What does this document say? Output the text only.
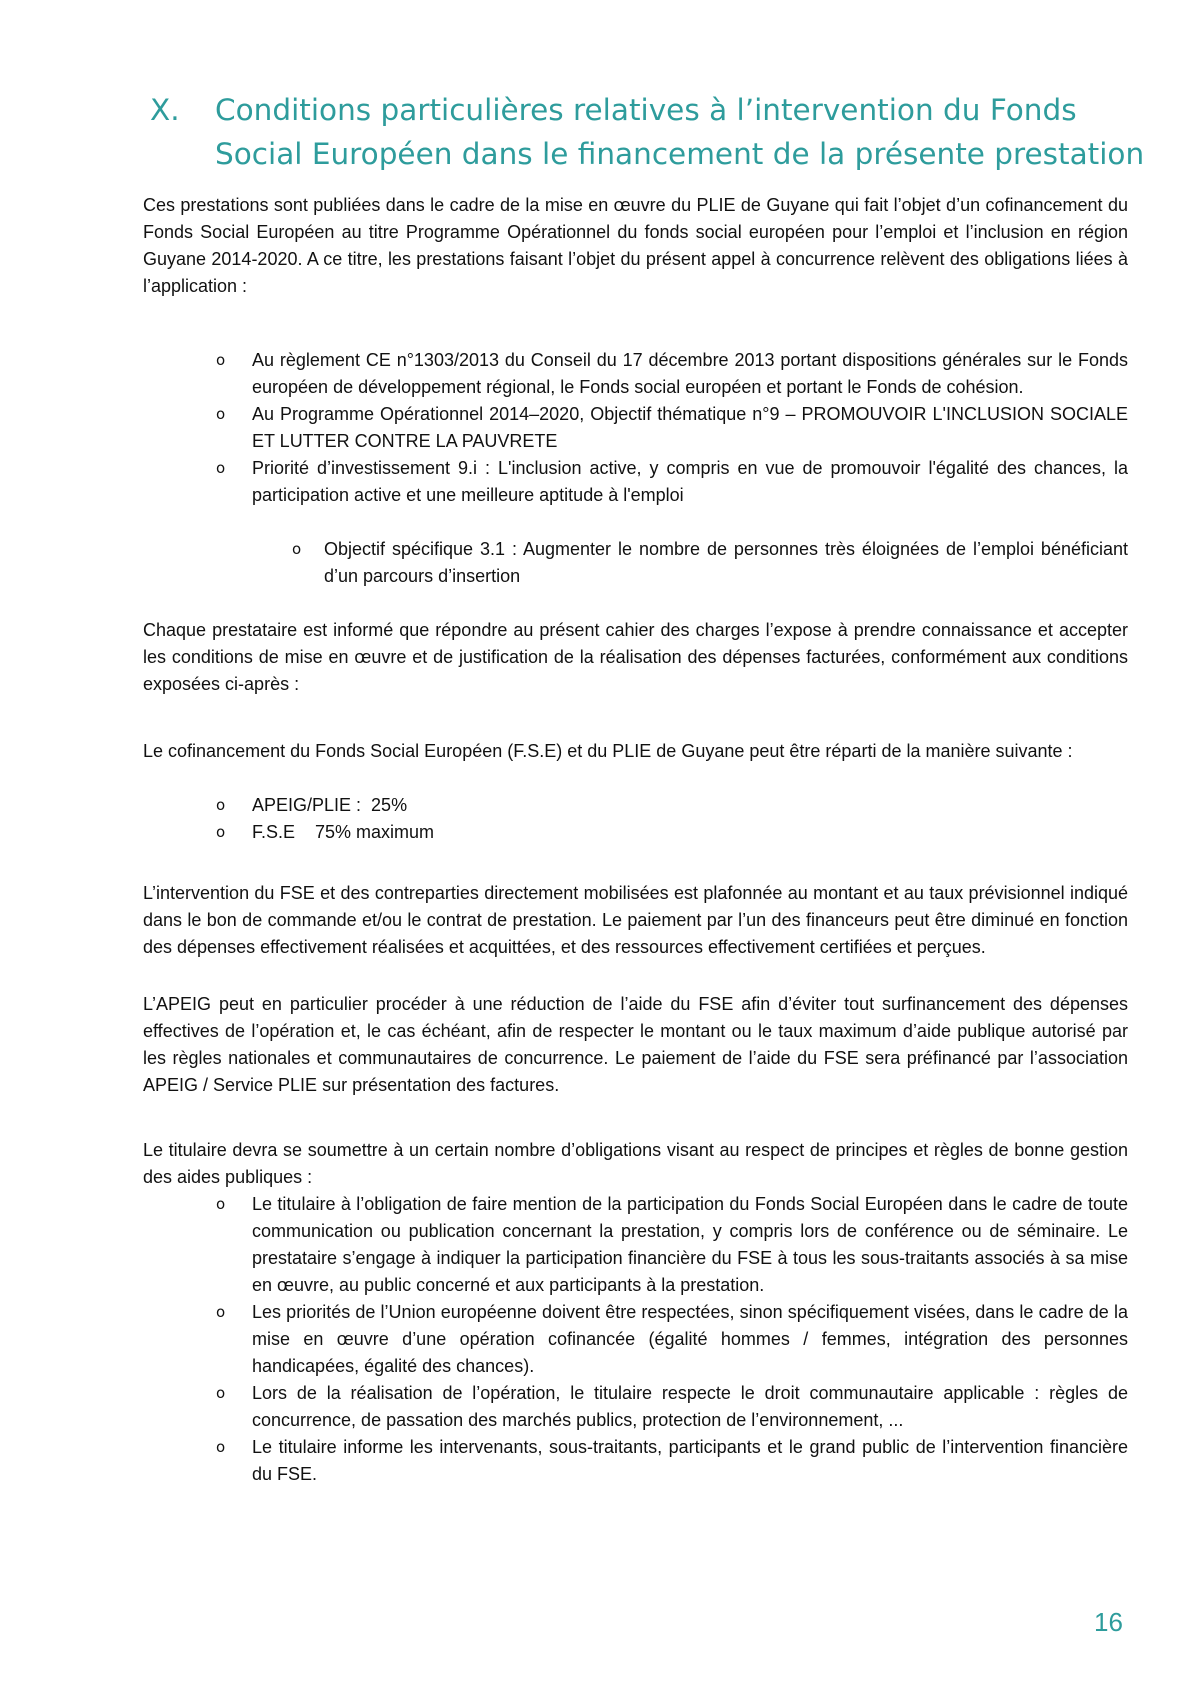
X. Conditions particulières relatives à l’intervention du Fonds Social Européen dans le financement de la présente prestation

Ces prestations sont publiées dans le cadre de la mise en œuvre du PLIE de Guyane qui fait l’objet d’un cofinancement du Fonds Social Européen au titre Programme Opérationnel du fonds social européen pour l’emploi et l’inclusion en région Guyane 2014-2020. A ce titre, les prestations faisant l’objet du présent appel à concurrence relèvent des obligations liées à l’application :

o Au règlement CE n°1303/2013 du Conseil du 17 décembre 2013 portant dispositions générales sur le Fonds européen de développement régional, le Fonds social européen et portant le Fonds de cohésion.
o Au Programme Opérationnel 2014–2020, Objectif thématique n°9 – PROMOUVOIR L'INCLUSION SOCIALE ET LUTTER CONTRE LA PAUVRETE
o Priorité d’investissement 9.i : L'inclusion active, y compris en vue de promouvoir l'égalité des chances, la participation active et une meilleure aptitude à l'emploi
o Objectif spécifique 3.1 : Augmenter le nombre de personnes très éloignées de l’emploi bénéficiant d’un parcours d’insertion

Chaque prestataire est informé que répondre au présent cahier des charges l’expose à prendre connaissance et accepter les conditions de mise en œuvre et de justification de la réalisation des dépenses facturées, conformément aux conditions exposées ci-après :

Le cofinancement du Fonds Social Européen (F.S.E) et du PLIE de Guyane peut être réparti de la manière suivante :

o APEIG/PLIE :  25%
o F.S.E    75% maximum

L’intervention du FSE et des contreparties directement mobilisées est plafonnée au montant et au taux prévisionnel indiqué dans le bon de commande et/ou le contrat de prestation. Le paiement par l’un des financeurs peut être diminué en fonction des dépenses effectivement réalisées et acquittées, et des ressources effectivement certifiées et perçues.

L’APEIG peut en particulier procéder à une réduction de l’aide du FSE afin d’éviter tout surfinancement des dépenses effectives de l’opération et, le cas échéant, afin de respecter le montant ou le taux maximum d’aide publique autorisé par les règles nationales et communautaires de concurrence. Le paiement de l’aide du FSE sera préfinancé par l’association APEIG / Service PLIE sur présentation des factures.

Le titulaire devra se soumettre à un certain nombre d’obligations visant au respect de principes et règles de bonne gestion des aides publiques :

o Le titulaire à l’obligation de faire mention de la participation du Fonds Social Européen dans le cadre de toute communication ou publication concernant la prestation, y compris lors de conférence ou de séminaire. Le prestataire s’engage à indiquer la participation financière du FSE à tous les sous-traitants associés à sa mise en œuvre, au public concerné et aux participants à la prestation.
o Les priorités de l’Union européenne doivent être respectées, sinon spécifiquement visées, dans le cadre de la mise en œuvre d’une opération cofinancée (égalité hommes / femmes, intégration des personnes handicapées, égalité des chances).
o Lors de la réalisation de l’opération, le titulaire respecte le droit communautaire applicable : règles de concurrence, de passation des marchés publics, protection de l’environnement, ...
o Le titulaire informe les intervenants, sous-traitants, participants et le grand public de l’intervention financière du FSE.
16
